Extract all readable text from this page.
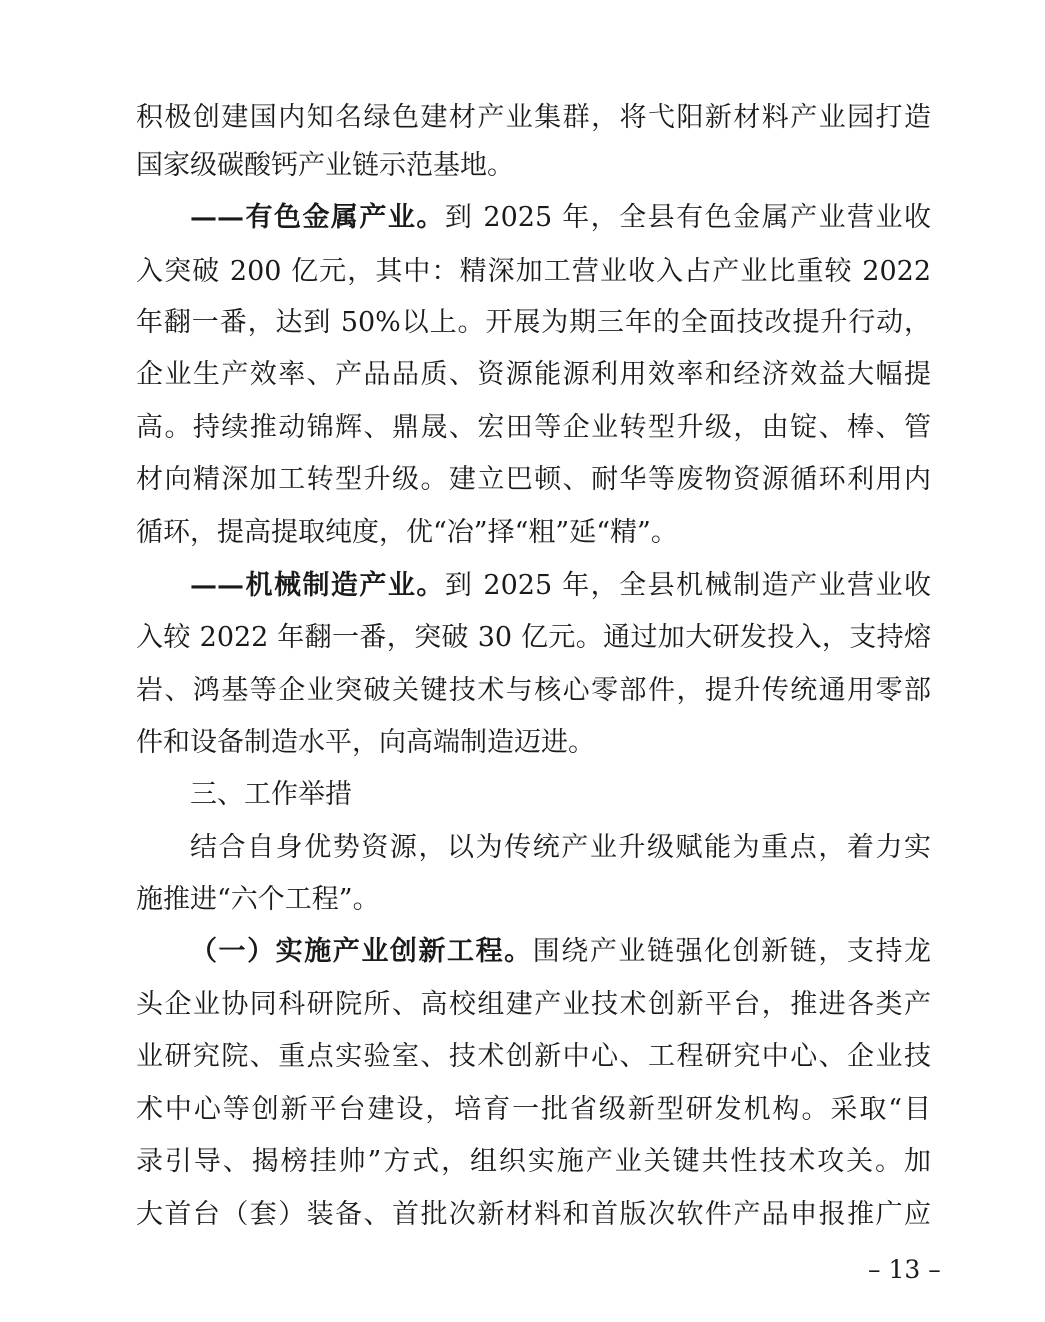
积极创建国内知名绿色建材产业集群，将弋阳新材料产业园打造
国家级碳酸钙产业链示范基地。
——有色金属产业。到 2025 年，全县有色金属产业营业收
入突破 200 亿元，其中：精深加工营业收入占产业比重较 2022
年翻一番，达到 50%以上。开展为期三年的全面技改提升行动，
企业生产效率、产品品质、资源能源利用效率和经济效益大幅提
高。持续推动锦辉、鼎晟、宏田等企业转型升级，由锭、棒、管
材向精深加工转型升级。建立巴顿、耐华等废物资源循环利用内
循环，提高提取纯度，优“冶”择“粗”延“精”。
——机械制造产业。到 2025 年，全县机械制造产业营业收
入较 2022 年翻一番，突破 30 亿元。通过加大研发投入，支持熔
岩、鸿基等企业突破关键技术与核心零部件，提升传统通用零部
件和设备制造水平，向高端制造迈进。
三、工作举措
结合自身优势资源，以为传统产业升级赋能为重点，着力实
施推进“六个工程”。
（一）实施产业创新工程。围绕产业链强化创新链，支持龙
头企业协同科研院所、高校组建产业技术创新平台，推进各类产
业研究院、重点实验室、技术创新中心、工程研究中心、企业技
术中心等创新平台建设，培育一批省级新型研发机构。采取“目
录引导、揭榜挂帅”方式，组织实施产业关键共性技术攻关。加
大首台（套）装备、首批次新材料和首版次软件产品申报推广应
– 13 –
